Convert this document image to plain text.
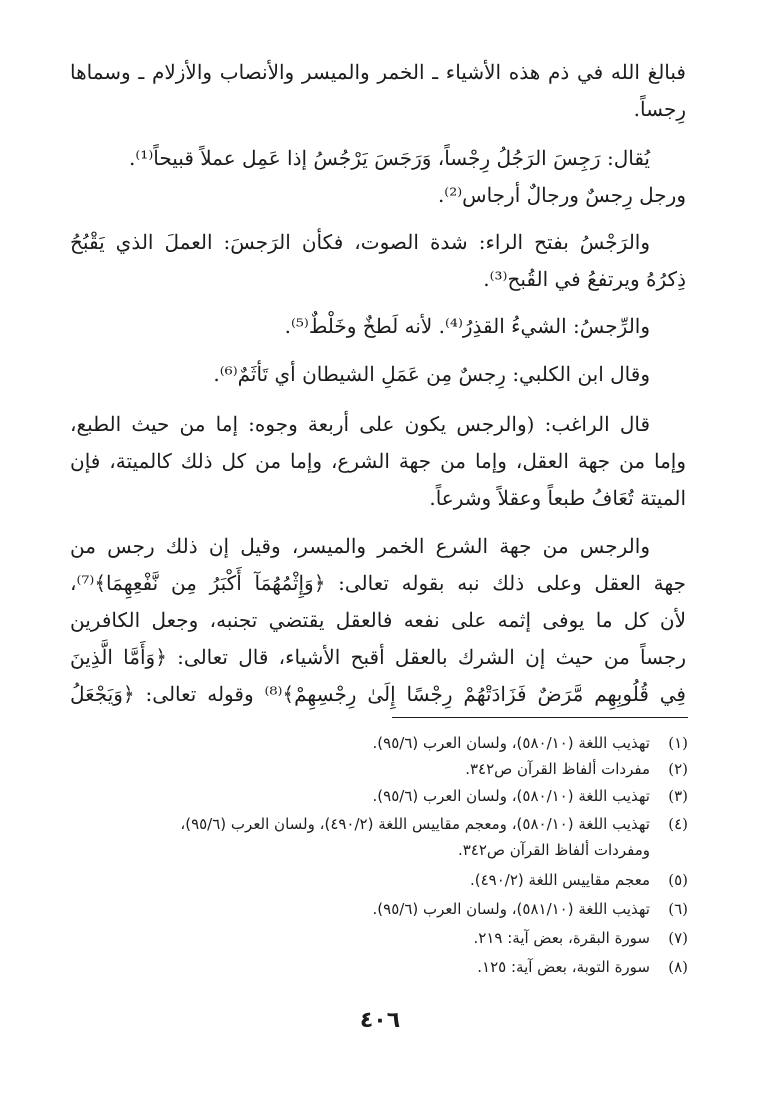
فبالغ الله في ذم هذه الأشياء ـ الخمر والميسر والأنصاب والأزلام ـ وسماها
رِجساً.
يُقال: رَجِسَ الرَجُلُ رِجْساً، وَرَجَسَ يَرْجُسُ إذا عَمِل عملاً قبيحاً⁽¹⁾.
ورجل رِجسٌ ورجالٌ أرجاس⁽²⁾.
والرَجْسُ بفتح الراء: شدة الصوت، فكأن الرَجسَ: العملَ الذي يَقْبُحُ
ذِكرُهُ ويرتفعُ في القُبح⁽³⁾.
والرِّجسُ: الشيءُ القذِرُ⁽⁴⁾. لأنه لَطخٌ وخَلْطٌ⁽⁵⁾.
وقال ابن الكلبي: رِجسٌ مِن عَمَلِ الشيطان أي تَأثَمٌ⁽⁶⁾.
قال الراغب: (والرجس يكون على أربعة وجوه: إما من حيث الطبع،
وإما من جهة العقل، وإما من جهة الشرع، وإما من كل ذلك كالميتة، فإن
الميتة تُعَافُ طبعاً وعقلاً وشرعاً.
والرجس من جهة الشرع الخمر والميسر، وقيل إن ذلك رجس من
جهة العقل وعلى ذلك نبه بقوله تعالى: ﴿وَإِثْمُهُمَآ أَكْبَرُ مِن نَّفْعِهِمَا﴾⁽⁷⁾،
لأن كل ما يوفى إثمه على نفعه فالعقل يقتضي تجنبه، وجعل الكافرين
رجساً من حيث إن الشرك بالعقل أقبح الأشياء، قال تعالى: ﴿وَأَمَّا الَّذِينَ
فِي قُلُوبِهِم مَّرَضٌ فَزَادَتْهُمْ رِجْسًا إِلَىٰ رِجْسِهِمْ﴾⁽⁸⁾ وقوله تعالى: ﴿وَيَجْعَلُ
(١)تهذيب اللغة (٥٨٠/١٠)، ولسان العرب (٩٥/٦).
(٢)مفردات ألفاظ القرآن ص٣٤٢.
(٣)تهذيب اللغة (٥٨٠/١٠)، ولسان العرب (٩٥/٦).
(٤)تهذيب اللغة (٥٨٠/١٠)، ومعجم مقاييس اللغة (٤٩٠/٢)، ولسان العرب (٩٥/٦)،
ومفردات ألفاظ القرآن ص٣٤٢.
(٥)معجم مقاييس اللغة (٤٩٠/٢).
(٦)تهذيب اللغة (٥٨١/١٠)، ولسان العرب (٩٥/٦).
(٧)سورة البقرة، بعض آية: ٢١٩.
(٨)سورة التوبة، بعض آية: ١٢٥.
٤٠٦
